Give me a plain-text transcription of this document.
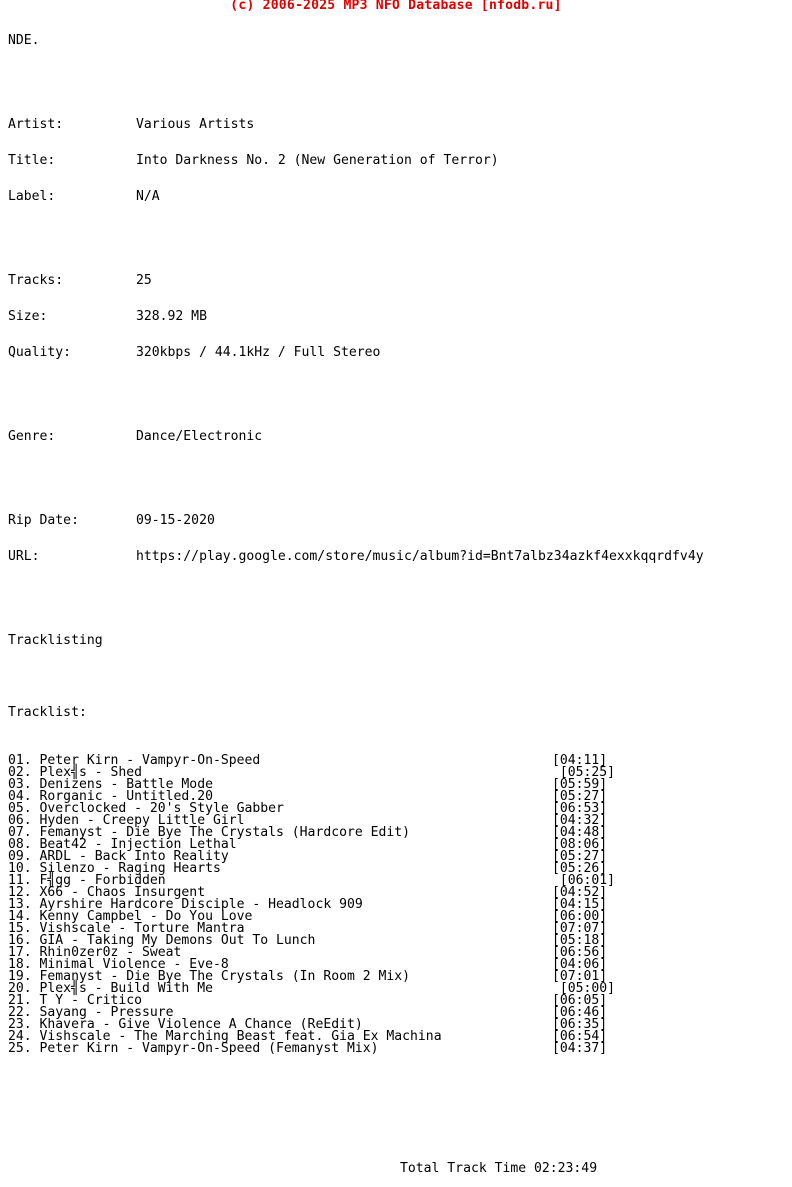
(c) 2006-2025 MP3 NFO Database [nfodb.ru]

NDE.

Artist:	Various Artists

Title:	Into Darkness No. 2 (New Generation of Terror)

Label:	N/A

Tracks:	25

Size:	328.92 MB

Quality:	320kbps / 44.1kHz / Full Stereo

Genre:	Dance/Electronic

Rip Date:	09-15-2020

URL:	https://play.google.com/store/music/album?id=Bnt7albz34azkf4exxkqqrdfv4y

Tracklisting

Tracklist:

01. Peter Kirn - Vampyr-On-Speed	[04:11]
02. Plex╣s - Shed	[05:25]
03. Denizens - Battle Mode	[05:59]
04. Rorganic - Untitled.20	[05:27]
05. Overclocked - 20's Style Gabber	[06:53]
06. Hyden - Creepy Little Girl	[04:32]
07. Femanyst - Die Bye The Crystals (Hardcore Edit)	[04:48]
08. Beat42 - Injection Lethal	[08:06]
09. ARDL - Back Into Reality	[05:27]
10. Silenzo - Raging Hearts	[05:26]
11. F╣gg - Forbidden	[06:01]
12. X66 - Chaos Insurgent	[04:52]
13. Ayrshire Hardcore Disciple - Headlock 909	[04:15]
14. Kenny Campbel - Do You Love	[06:00]
15. Vishscale - Torture Mantra	[07:07]
16. GIA - Taking My Demons Out To Lunch	[05:18]
17. Rhin0zer0z - Sweat	[06:56]
18. Minimal Violence - Eve-8	[04:06]
19. Femanyst - Die Bye The Crystals (In Room 2 Mix)	[07:01]
20. Plex╣s - Build With Me	[05:00]
21. T Y - Critico	[06:05]
22. Sayang - Pressure	[06:46]
23. Khavera - Give Violence A Chance (ReEdit)	[06:35]
24. Vishscale - The Marching Beast feat. Gia Ex Machina	[06:54]
25. Peter Kirn - Vampyr-On-Speed (Femanyst Mix)	[04:37]

Total Track Time 02:23:49
